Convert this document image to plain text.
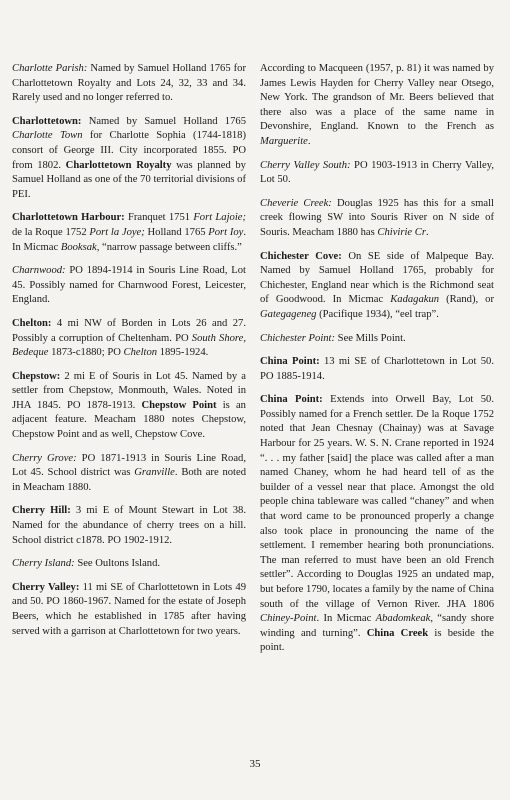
Charlotte Parish: Named by Samuel Holland 1765 for Charlottetown Royalty and Lots 24, 32, 33 and 34. Rarely used and no longer referred to.

Charlottetown: Named by Samuel Holland 1765 Charlotte Town for Charlotte Sophia (1744-1818) consort of George III. City incorporated 1855. PO from 1802. Charlottetown Royalty was planned by Samuel Holland as one of the 70 territorial divisions of PEI.

Charlottetown Harbour: Franquet 1751 Fort Lajoie; de la Roque 1752 Port la Joye; Holland 1765 Port Ioy. In Micmac Booksak, “narrow passage between cliffs.”

Charnwood: PO 1894-1914 in Souris Line Road, Lot 45. Possibly named for Charnwood Forest, Leicester, England.

Chelton: 4 mi NW of Borden in Lots 26 and 27. Possibly a corruption of Cheltenham. PO South Shore, Bedeque 1873-c1880; PO Chelton 1895-1924.

Chepstow: 2 mi E of Souris in Lot 45. Named by a settler from Chepstow, Monmouth, Wales. Noted in JHA 1845. PO 1878-1913. Chepstow Point is an adjacent feature. Meacham 1880 notes Chepstow, Chepstow Point and as well, Chepstow Cove.

Cherry Grove: PO 1871-1913 in Souris Line Road, Lot 45. School district was Granville. Both are noted in Meacham 1880.

Cherry Hill: 3 mi E of Mount Stewart in Lot 38. Named for the abundance of cherry trees on a hill. School district c1878. PO 1902-1912.

Cherry Island: See Oultons Island.

Cherry Valley: 11 mi SE of Charlottetown in Lots 49 and 50. PO 1860-1967. Named for the estate of Joseph Beers, which he established in 1785 after having served with a garrison at Charlottetown for two years.

According to Macqueen (1957, p. 81) it was named by James Lewis Hayden for Cherry Valley near Otsego, New York. The grandson of Mr. Beers believed that there also was a place of the same name in Devonshire, England. Known to the French as Marguerite.

Cherry Valley South: PO 1903-1913 in Cherry Valley, Lot 50.

Cheverie Creek: Douglas 1925 has this for a small creek flowing SW into Souris River on N side of Souris. Meacham 1880 has Chivirie Cr.

Chichester Cove: On SE side of Malpeque Bay. Named by Samuel Holland 1765, probably for Chichester, England near which is the Richmond seat of Goodwood. In Micmac Kadagakun (Rand), or Gategageneg (Pacifique 1934), “eel trap”.

Chichester Point: See Mills Point.

China Point: 13 mi SE of Charlottetown in Lot 50. PO 1885-1914.

China Point: Extends into Orwell Bay, Lot 50. Possibly named for a French settler. De la Roque 1752 noted that Jean Chesnay (Chainay) was at Savage Harbour for 25 years. W. S. N. Crane reported in 1924 “. . . my father [said] the place was called after a man named Chaney, whom he had heard tell of as the builder of a vessel near that place. Amongst the old people china tableware was called “chaney” and when that word came to be pronounced properly a change also took place in pronouncing the name of the settlement. I remember hearing both pronunciations. The man referred to must have been an old French settler”. According to Douglas 1925 an undated map, but before 1790, locates a family by the name of China south of the village of Vernon River. JHA 1806 Chiney-Point. In Micmac Abadomkeak, “sandy shore winding and turning”. China Creek is beside the point.

35
